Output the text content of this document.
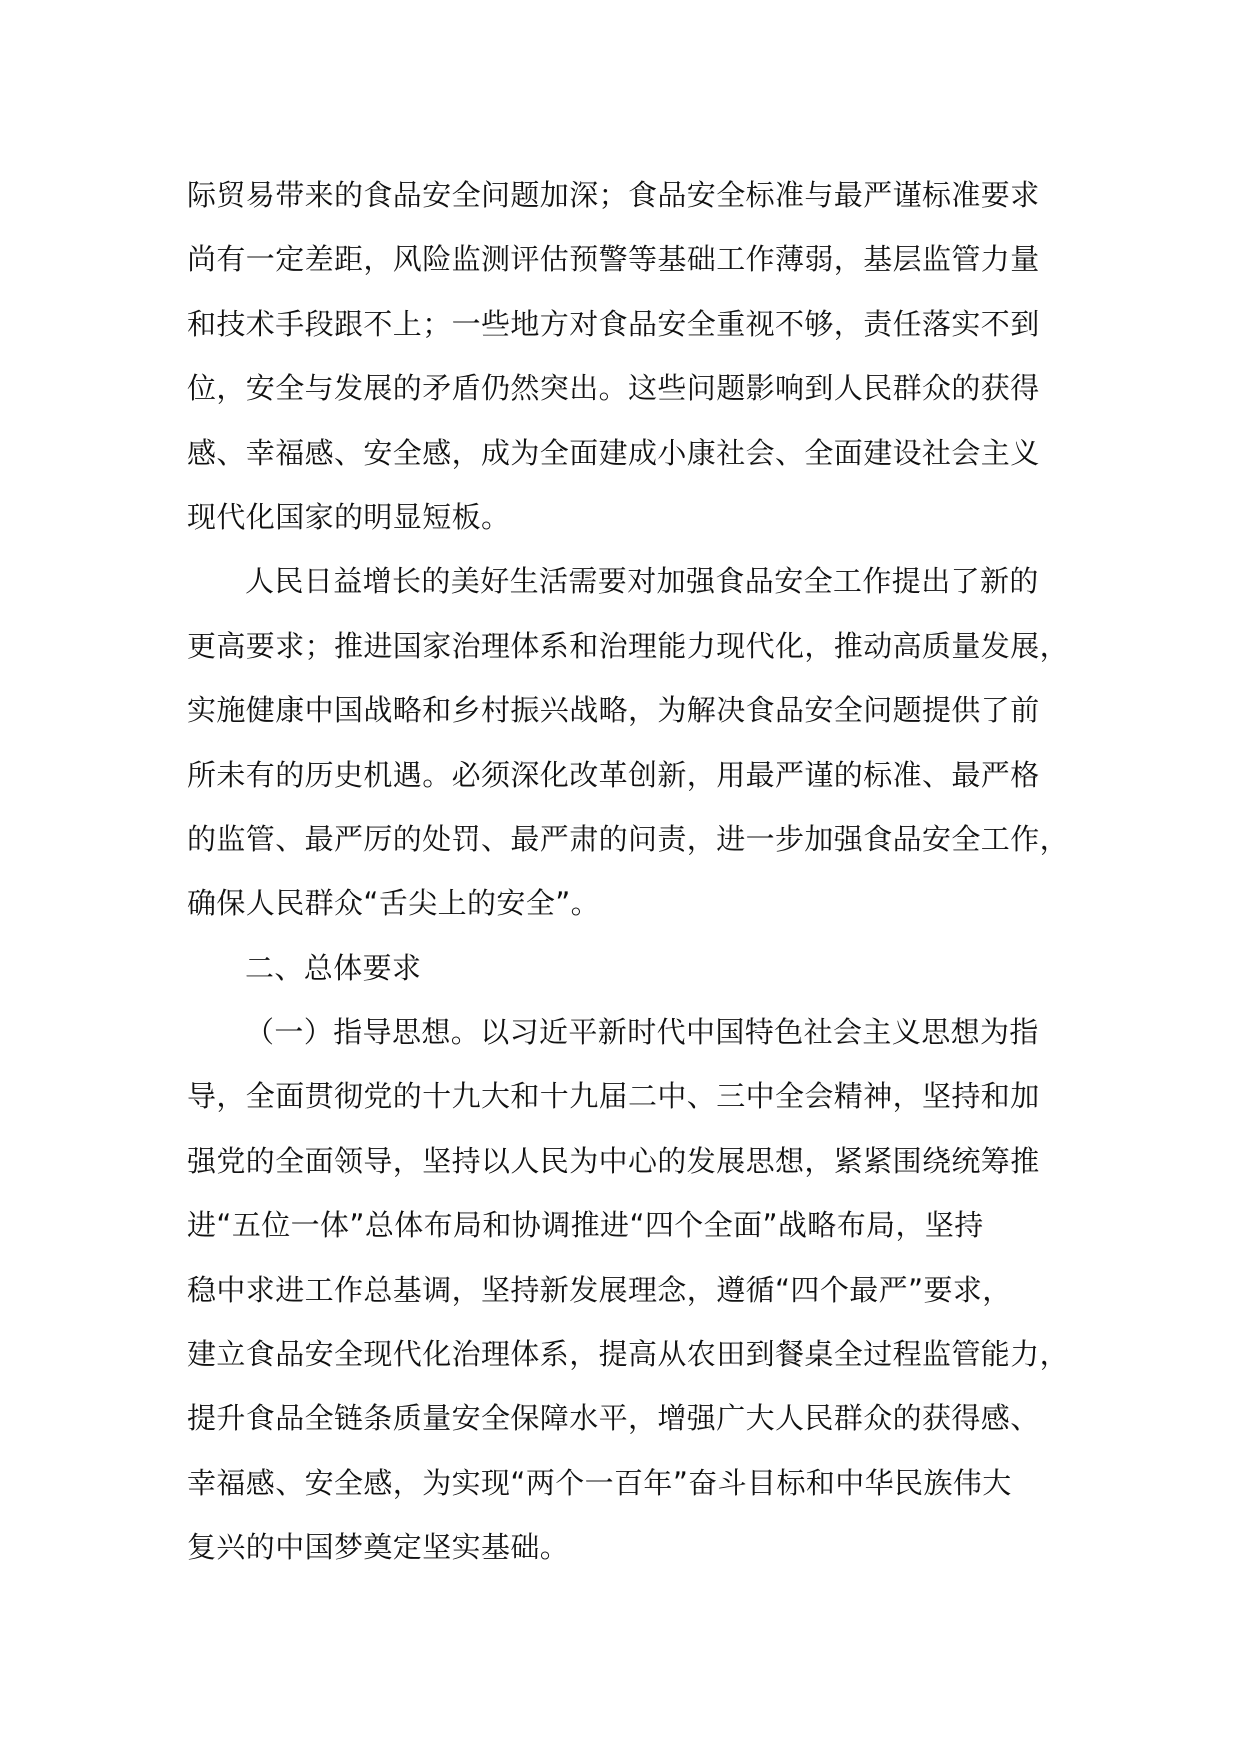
际贸易带来的食品安全问题加深；食品安全标准与最严谨标准要求
尚有一定差距，风险监测评估预警等基础工作薄弱，基层监管力量
和技术手段跟不上；一些地方对食品安全重视不够，责任落实不到
位，安全与发展的矛盾仍然突出。这些问题影响到人民群众的获得
感、幸福感、安全感，成为全面建成小康社会、全面建设社会主义
现代化国家的明显短板。
人民日益增长的美好生活需要对加强食品安全工作提出了新的
更高要求；推进国家治理体系和治理能力现代化，推动高质量发展，
实施健康中国战略和乡村振兴战略，为解决食品安全问题提供了前
所未有的历史机遇。必须深化改革创新，用最严谨的标准、最严格
的监管、最严厉的处罚、最严肃的问责，进一步加强食品安全工作，
确保人民群众“舌尖上的安全”。
二、总体要求
（一）指导思想。以习近平新时代中国特色社会主义思想为指
导，全面贯彻党的十九大和十九届二中、三中全会精神，坚持和加
强党的全面领导，坚持以人民为中心的发展思想，紧紧围绕统筹推
进“五位一体”总体布局和协调推进“四个全面”战略布局，坚持
稳中求进工作总基调，坚持新发展理念，遵循“四个最严”要求，
建立食品安全现代化治理体系，提高从农田到餐桌全过程监管能力，
提升食品全链条质量安全保障水平，增强广大人民群众的获得感、
幸福感、安全感，为实现“两个一百年”奋斗目标和中华民族伟大
复兴的中国梦奠定坚实基础。
